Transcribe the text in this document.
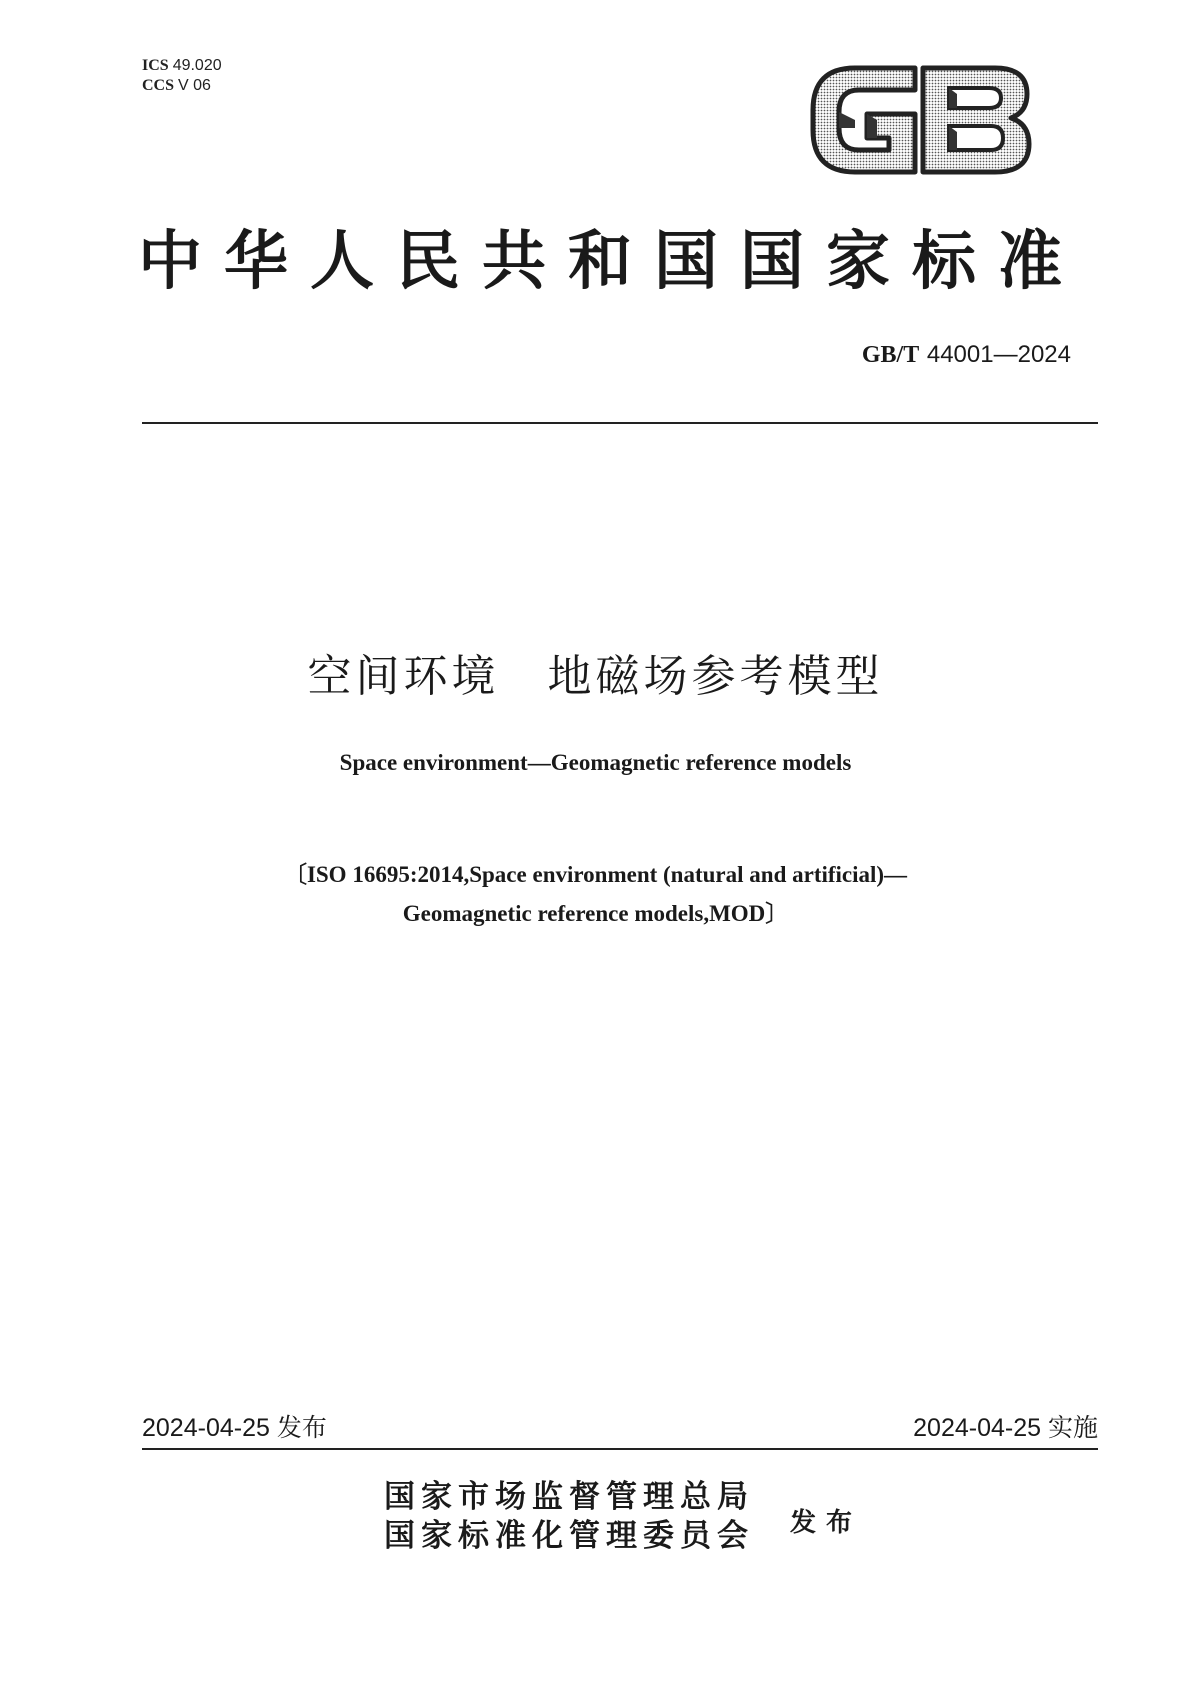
ICS 49.020
CCS V 06
中华人民共和国国家标准
GB/T 44001—2024
空间环境　地磁场参考模型
Space environment—Geomagnetic reference models
〔ISO 16695:2014,Space environment (natural and artificial)—
Geomagnetic reference models,MOD〕
2024-04-25 发布	2024-04-25 实施
国家市场监督管理总局
国家标准化管理委员会 发布
